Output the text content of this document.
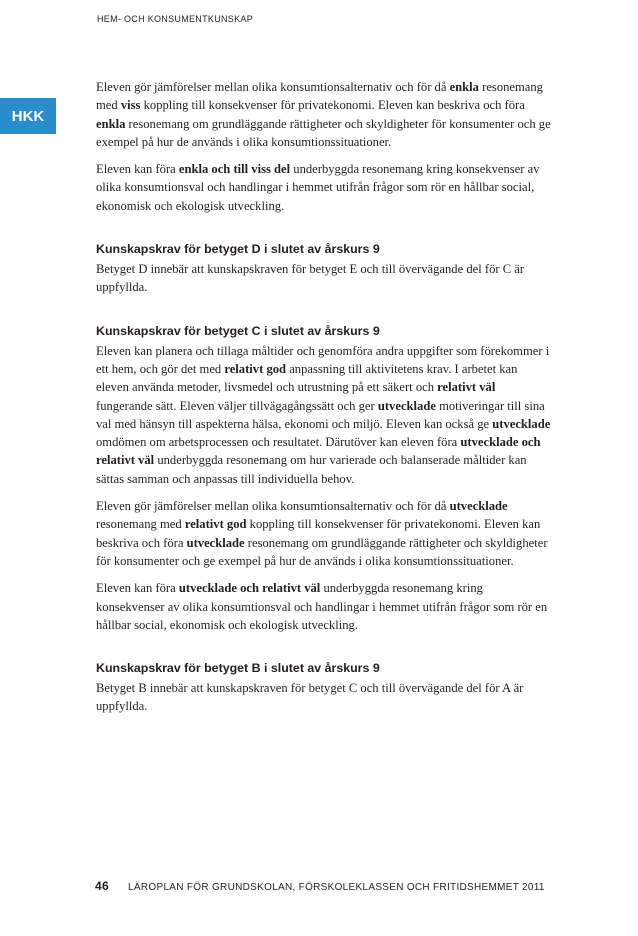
HEM- OCH KONSUMENTKUNSKAP
HKK

Eleven gör jämförelser mellan olika konsumtionsalternativ och för då enkla resonemang med viss koppling till konsekvenser för privatekonomi. Eleven kan beskriva och föra enkla resonemang om grundläggande rättigheter och skyldigheter för konsumenter och ge exempel på hur de används i olika konsumtionssituationer.

Eleven kan föra enkla och till viss del underbyggda resonemang kring konsekvenser av olika konsumtionsval och handlingar i hemmet utifrån frågor som rör en hållbar social, ekonomisk och ekologisk utveckling.

Kunskapskrav för betyget D i slutet av årskurs 9

Betyget D innebär att kunskapskraven för betyget E och till övervägande del för C är uppfyllda.

Kunskapskrav för betyget C i slutet av årskurs 9

Eleven kan planera och tillaga måltider och genomföra andra uppgifter som förekommer i ett hem, och gör det med relativt god anpassning till aktivitetens krav. I arbetet kan eleven använda metoder, livsmedel och utrustning på ett säkert och relativt väl fungerande sätt. Eleven väljer tillvägagångssätt och ger utvecklade motiveringar till sina val med hänsyn till aspekterna hälsa, ekonomi och miljö. Eleven kan också ge utvecklade omdömen om arbetsprocessen och resultatet. Därutöver kan eleven föra utvecklade och relativt väl underbyggda resonemang om hur varierade och balanserade måltider kan sättas samman och anpassas till individuella behov.

Eleven gör jämförelser mellan olika konsumtionsalternativ och för då utvecklade resonemang med relativt god koppling till konsekvenser för privatekonomi. Eleven kan beskriva och föra utvecklade resonemang om grundläggande rättigheter och skyldigheter för konsumenter och ge exempel på hur de används i olika konsumtionssituationer.

Eleven kan föra utvecklade och relativt väl underbyggda resonemang kring konsekvenser av olika konsumtionsval och handlingar i hemmet utifrån frågor som rör en hållbar social, ekonomisk och ekologisk utveckling.

Kunskapskrav för betyget B i slutet av årskurs 9

Betyget B innebär att kunskapskraven för betyget C och till övervägande del för A är uppfyllda.

46 LÄROPLAN FÖR GRUNDSKOLAN, FÖRSKOLEKLASSEN OCH FRITIDSHEMMET 2011
